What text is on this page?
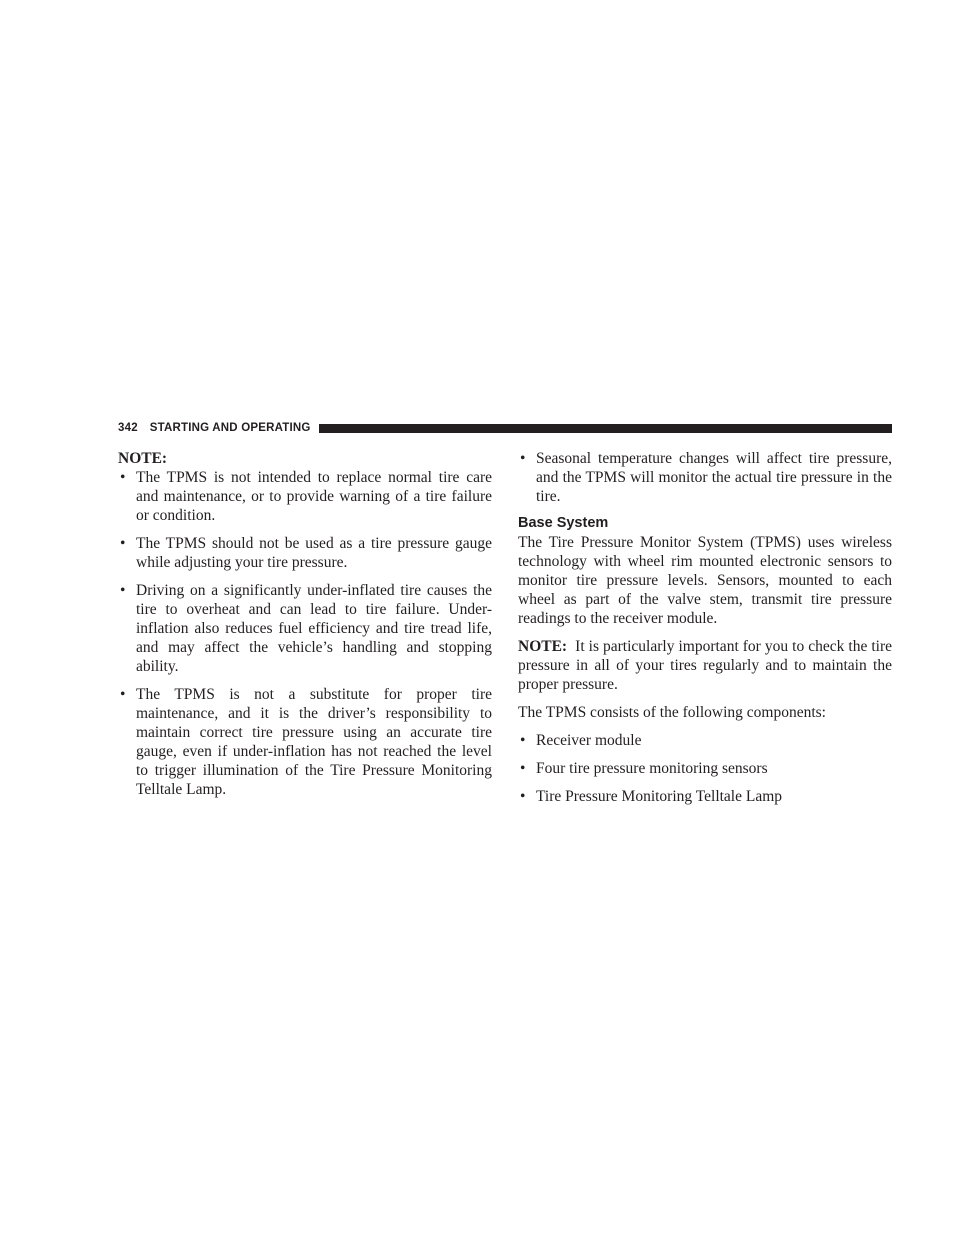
342 STARTING AND OPERATING

NOTE:

• The TPMS is not intended to replace normal tire care and maintenance, or to provide warning of a tire failure or condition.
• The TPMS should not be used as a tire pressure gauge while adjusting your tire pressure.
• Driving on a significantly under-inflated tire causes the tire to overheat and can lead to tire failure. Under-inflation also reduces fuel efficiency and tire tread life, and may affect the vehicle’s handling and stopping ability.
• The TPMS is not a substitute for proper tire maintenance, and it is the driver’s responsibility to maintain correct tire pressure using an accurate tire gauge, even if under-inflation has not reached the level to trigger illumination of the Tire Pressure Monitoring Telltale Lamp.
• Seasonal temperature changes will affect tire pressure, and the TPMS will monitor the actual tire pressure in the tire.
Base System

The Tire Pressure Monitor System (TPMS) uses wireless technology with wheel rim mounted electronic sensors to monitor tire pressure levels. Sensors, mounted to each wheel as part of the valve stem, transmit tire pressure readings to the receiver module.

NOTE: It is particularly important for you to check the tire pressure in all of your tires regularly and to maintain the proper pressure.

The TPMS consists of the following components:

• Receiver module
• Four tire pressure monitoring sensors
• Tire Pressure Monitoring Telltale Lamp
